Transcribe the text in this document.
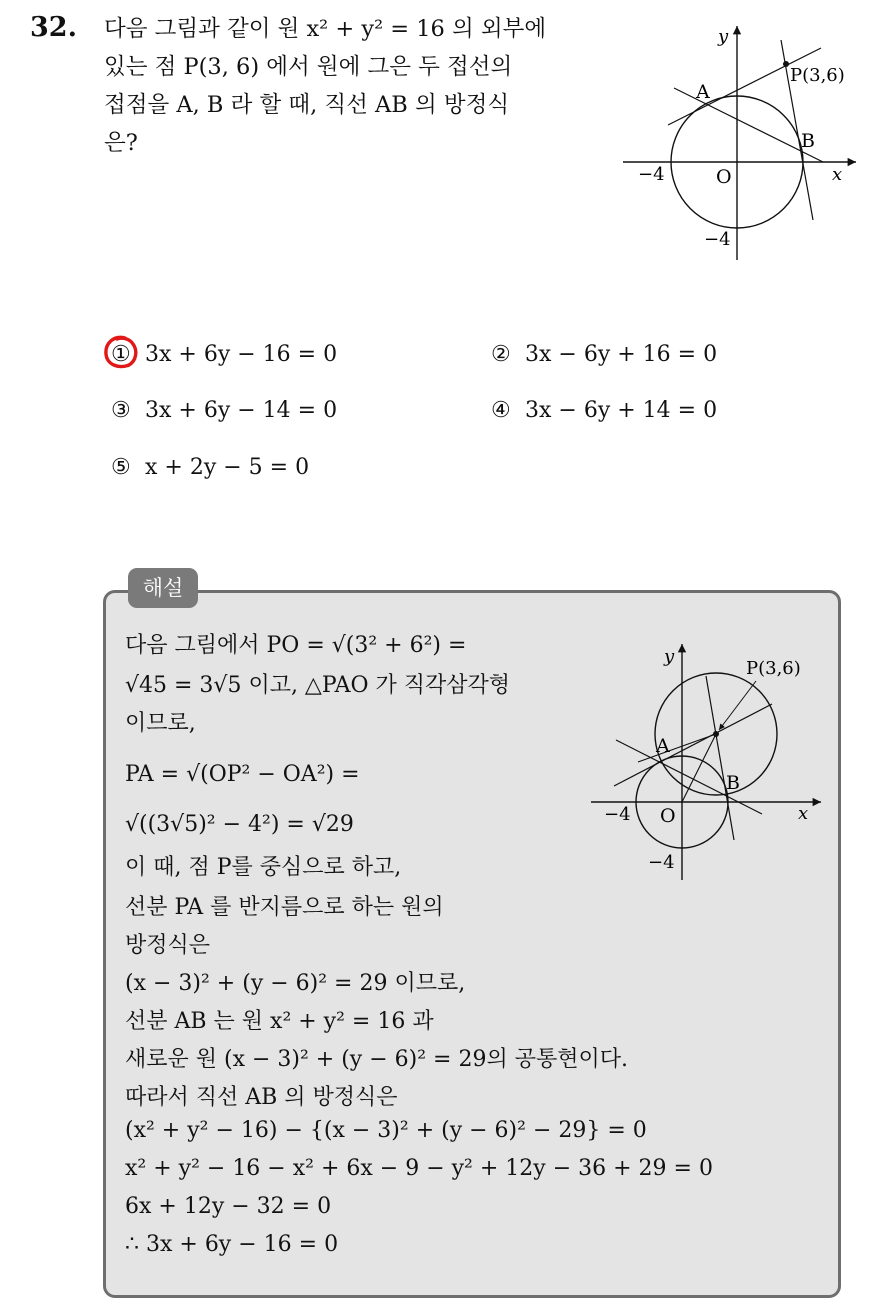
32. 다음 그림과 같이 원 x² + y² = 16 의 외부에
있는 점 P(3, 6) 에서 원에 그은 두 접선의
접점을 A, B 라 할 때, 직선 AB 의 방정식
은?
y
x
O
−4
−4
A
B
P(3,6)
① 3x + 6y − 16 = 0	② 3x − 6y + 16 = 0
③ 3x + 6y − 14 = 0	④ 3x − 6y + 14 = 0
⑤ x + 2y − 5 = 0
해설
다음 그림에서 PO = √(3² + 6²) =
√45 = 3√5 이고, △PAO 가 직각삼각형
이므로,
PA = √(OP² − OA²) =
√((3√5)² − 4²) = √29
이 때, 점 P를 중심으로 하고,
선분 PA 를 반지름으로 하는 원의
방정식은
(x − 3)² + (y − 6)² = 29 이므로,
선분 AB 는 원 x² + y² = 16 과
새로운 원 (x − 3)² + (y − 6)² = 29의 공통현이다.
따라서 직선 AB 의 방정식은
(x² + y² − 16) − {(x − 3)² + (y − 6)² − 29} = 0
x² + y² − 16 − x² + 6x − 9 − y² + 12y − 36 + 29 = 0
6x + 12y − 32 = 0
∴ 3x + 6y − 16 = 0
y
x
O
−4
−4
A
B
P(3,6)
